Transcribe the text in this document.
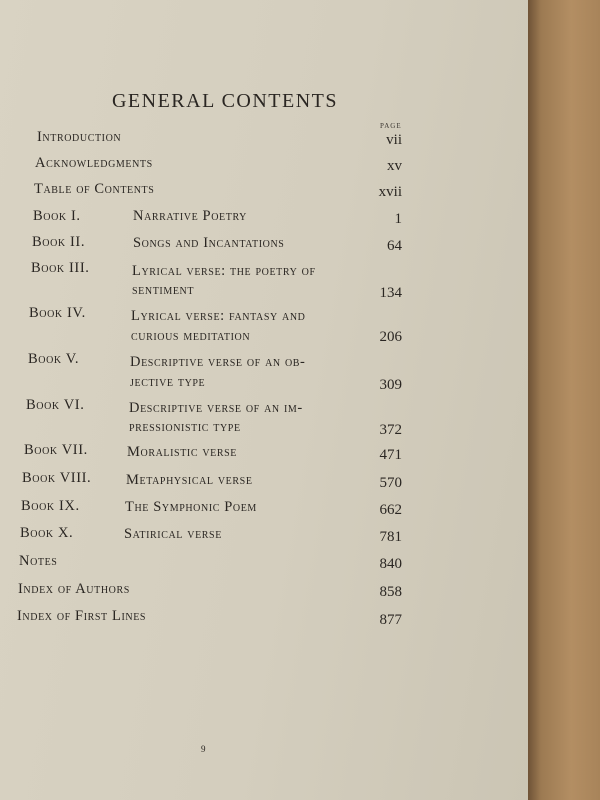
GENERAL CONTENTS
PAGE
Introduction	vii
Acknowledgments	xv
Table of Contents	xvii
Book I.	Narrative Poetry	1
Book II.	Songs and Incantations	64
Book III.	Lyrical verse: the poetry of
sentiment	134
Book IV.	Lyrical verse: fantasy and
curious meditation	206
Book V.	Descriptive verse of an ob-
jective type	309
Book VI.	Descriptive verse of an im-
pressionistic type	372
Book VII.	Moralistic verse	471
Book VIII. Metaphysical verse	570
Book IX.	The Symphonic Poem	662
Book X.	Satirical verse	781
Notes	840
Index of Authors	858
Index of First Lines	877
9
